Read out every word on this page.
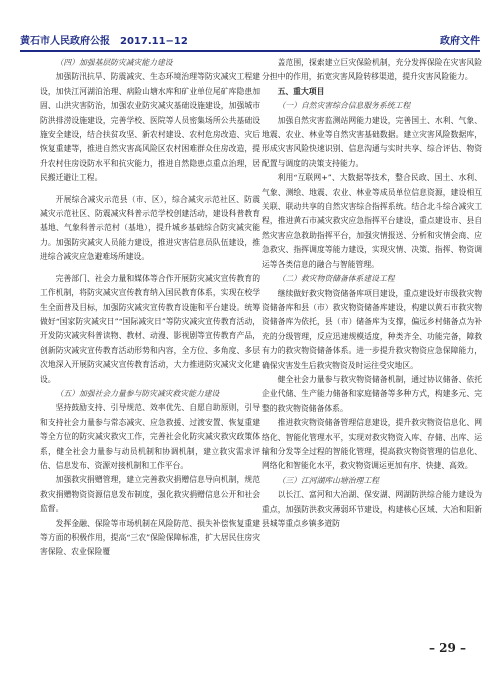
黄石市人民政府公报　2017.11−12	政府文件

（四）加强基层防灾减灾能力建设

加强防汛抗旱、防震减灾、生态环境治理等防灾减灾工程建设，加快江河湖泊治理、病险山塘水库和矿业单位尾矿库隐患加固、山洪灾害防治，加强农业防灾减灾基础设施建设，加强城市防洪排涝设施建设，完善学校、医院等人员密集场所公共基础设施安全建设，结合扶贫攻坚、新农村建设、农村危房改造、灾后恢复重建等，推进自然灾害高风险区农村困难群众住房改造，提升农村住房设防水平和抗灾能力，推进自然隐患点重点治理，居民搬迁避让工程。

开展综合减灾示范县（市、区），综合减灾示范社区、防震减灾示范社区、防震减灾科普示范学校创建活动，建设科普教育基地、气象科普示范村（基地），提升城乡基础综合防灾减灾能力。加强防灾减灾人员能力建设，推进灾害信息员队伍建设，推进综合减灾应急避难场所建设。

完善部门、社会力量和媒体等合作开展防灾减灾宣传教育的工作机制，将防灾减灾宣传教育纳入国民教育体系，实现在校学生全面普及目标，加强防灾减灾宣传教育设施和平台建设。统筹做好“国家防灾减灾日”“国际减灾日”等防灾减灾宣传教育活动，开发防灾减灾科普读物、教材、动漫、影视剧等宣传教育产品，创新防灾减灾宣传教育活动形势和内容，全方位、多角度、多层次地深入开展防灾减灾宣传教育活动，大力推进防灾减灾文化建设。

（五）加强社会力量参与防灾减灾救灾能力建设

坚持鼓励支持、引导规范、效率优先、自愿自助原则，引导和支持社会力量参与常态减灾、应急救援、过渡安置、恢复重建等全方位的防灾减灾救灾工作，完善社会化防灾减灾救灾政策体系，健全社会力量参与动员机制和协调机制，建立救灾需求评估、信息发布、资源对接机制和工作平台。

加强救灾捐赠管理，建立完善救灾捐赠信息导向机制，规范救灾捐赠物资资源信息发布制度，强化救灾捐赠信息公开和社会监督。

发挥金融、保险等市场机制在风险防范、损失补偿恢复重建等方面的积极作用，提高“三农”保险保障标准，扩大居民住房灾害保险、农业保险覆

盖范围，探索建立巨灾保险机制，充分发挥保险在灾害风险分担中的作用，拓宽灾害风险转移渠道，提升灾害风险能力。

五、重大项目

（一）自然灾害综合信息服务系统工程

加强自然灾害监测站网能力建设，完善国土、水利、气象、地震、农业、林业等自然灾害基础数据。建立灾害风险数据库，形成灾害风险快速识别、信息沟通与实时共享、综合评估、物资配置与调度的决策支持能力。

利用“互联网+”、大数据等技术，整合民政、国土、水利、气象、测绘、地震、农业、林业等成员单位信息资源，建设相互关联、联动共享的自然灾害综合指挥系统。结合北斗综合减灾工程，推进黄石市减灾救灾应急指挥平台建设，重点建设市、县自然灾害应急救助指挥平台，加强灾情报送、分析和灾情会商、应急救灾、指挥调度等能力建设，实现灾情、决策、指挥、物资调运等各类信息的融合与智能管理。

（二）救灾物资储备体系建设工程

继续做好救灾物资储备库项目建设，重点建设好市级救灾物资储备库和县（市）救灾物资储备库建设，构建以黄石市救灾物资储备库为依托，县（市）储备库为支撑，偏远乡村储备点为补充的分级管理，反应迅速规模适度，种类齐全、功能完备，障救有力的救灾物资储备体系。进一步提升救灾物资应急保障能力，确保灾害发生后救灾物资及时运往受灾地区。

健全社会力量参与救灾物资储备机制，通过协议储备、依托企业代储、生产能力储备和家庭储备等多种方式，构建多元、完整的救灾物资储备体系。

推进救灾物资储备管理信息建设，提升救灾物资信息化、网络化、智能化管理水平，实现对救灾物资入库、存储、出库、运输和分发等全过程的智能化管理，提高救灾物资管理的信息化、网络化和智能化水平，救灾物资调运更加有序、快捷、高效。

（三）江河湖库山塘治理工程

以长江、富河和大冶湖、保安湖、网湖防洪综合能力建设为重点，加强防洪救灾薄弱环节建设，构建核心区域、大冶和阳新县城等重点乡镇多道防

– 29 –
